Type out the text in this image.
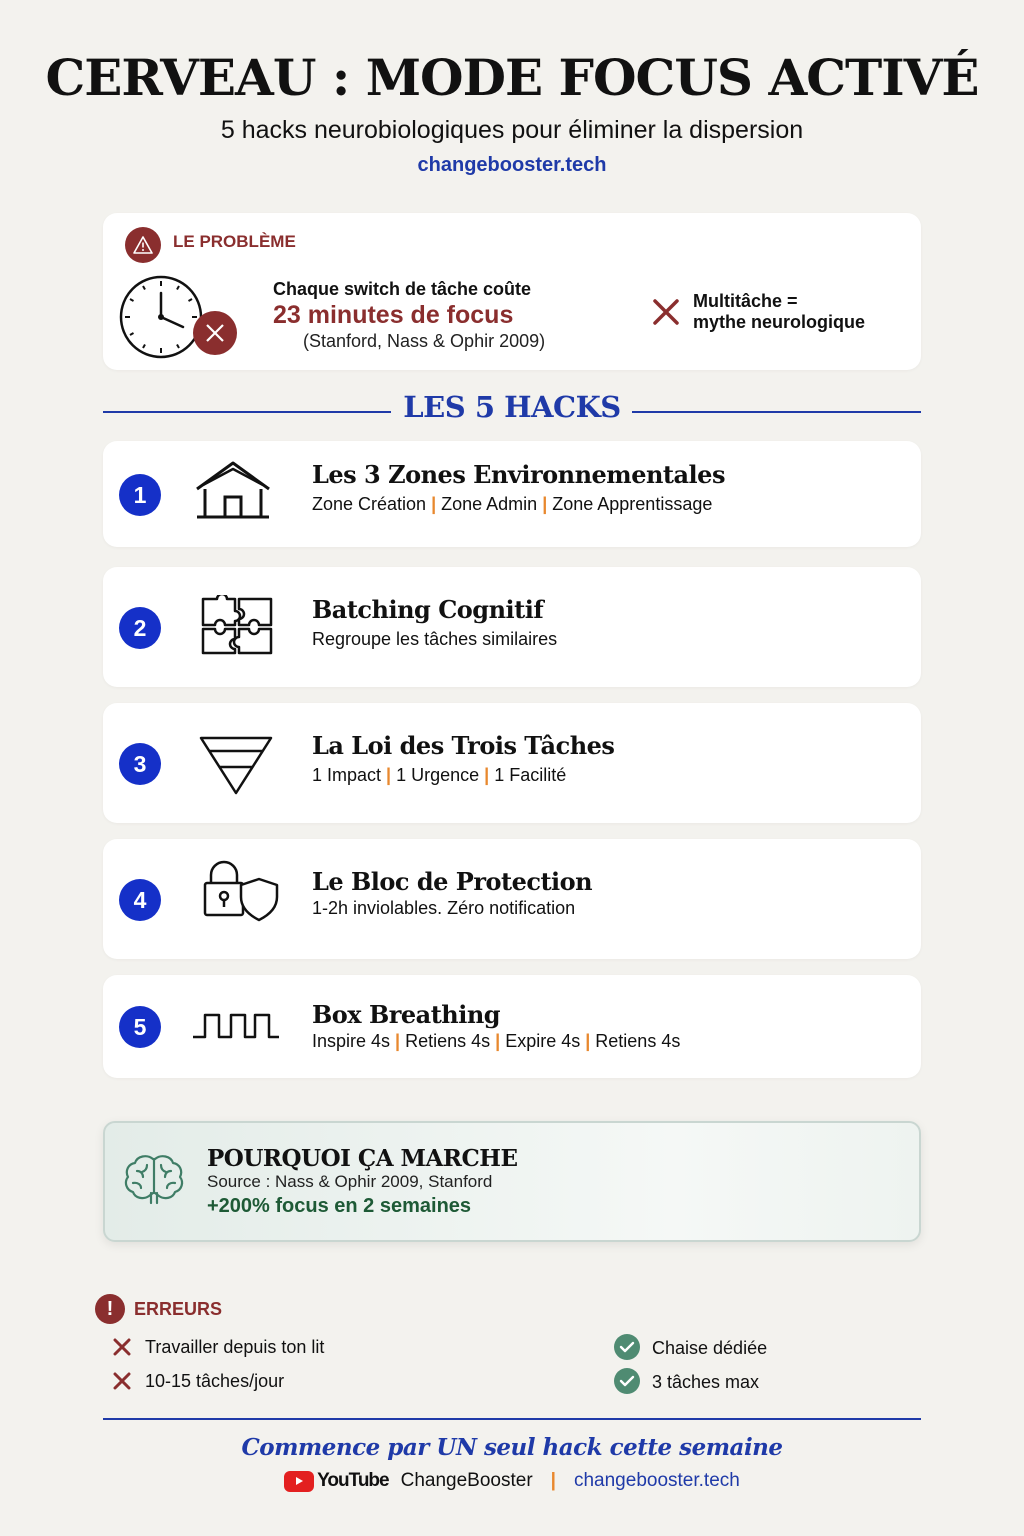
CERVEAU : MODE FOCUS ACTIVÉ
5 hacks neurobiologiques pour éliminer la dispersion
changebooster.tech
LE PROBLÈME
Chaque switch de tâche coûte
23 minutes de focus
(Stanford, Nass & Ophir 2009)
Multitâche =
mythe neurologique
LES 5 HACKS
1
Les 3 Zones Environnementales
Zone Création | Zone Admin | Zone Apprentissage
2
Batching Cognitif
Regroupe les tâches similaires
3
La Loi des Trois Tâches
1 Impact | 1 Urgence | 1 Facilité
4
Le Bloc de Protection
1-2h inviolables. Zéro notification
5	Box Breathing
Inspire 4s | Retiens 4s | Expire 4s | Retiens 4s
POURQUOI ÇA MARCHE
Source : Nass & Ophir 2009, Stanford
+200% focus en 2 semaines
!	ERREURS
Travailler depuis ton lit
10-15 tâches/jour
Chaise dédiée
3 tâches max
Commence par UN seul hack cette semaine
YouTube ChangeBooster | changebooster.tech
